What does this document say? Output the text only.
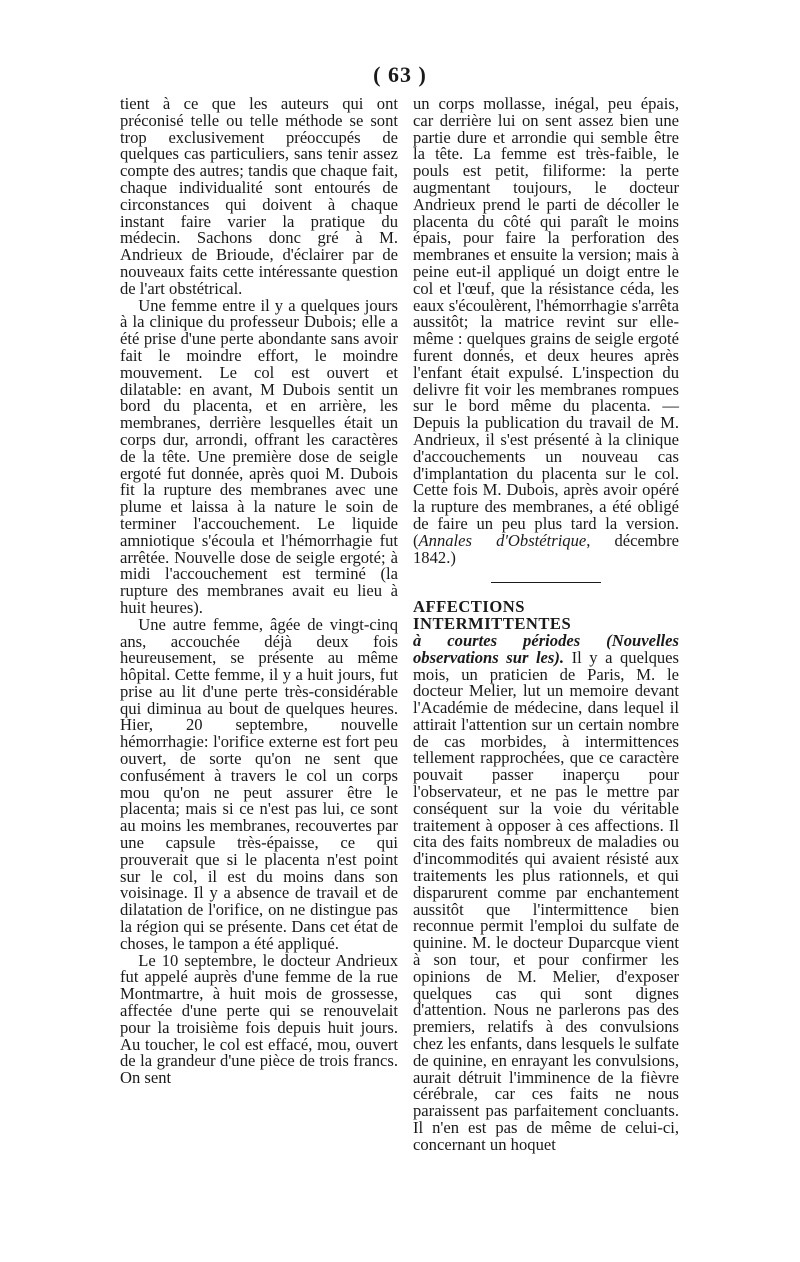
( 63 )

tient à ce que les auteurs qui ont préconisé telle ou telle méthode se sont trop exclusivement préoccupés de quelques cas particuliers, sans tenir assez compte des autres; tandis que chaque fait, chaque individualité sont entourés de circonstances qui doivent à chaque instant faire varier la pratique du médecin. Sachons donc gré à M. Andrieux de Brioude, d'éclairer par de nouveaux faits cette intéressante question de l'art obstétrical.

Une femme entre il y a quelques jours à la clinique du professeur Dubois; elle a été prise d'une perte abondante sans avoir fait le moindre effort, le moindre mouvement. Le col est ouvert et dilatable: en avant, M Dubois sentit un bord du placenta, et en arrière, les membranes, derrière lesquelles était un corps dur, arrondi, offrant les caractères de la tête. Une première dose de seigle ergoté fut donnée, après quoi M. Dubois fit la rupture des membranes avec une plume et laissa à la nature le soin de terminer l'accouchement. Le liquide amniotique s'écoula et l'hémorrhagie fut arrêtée. Nouvelle dose de seigle ergoté; à midi l'accouchement est terminé (la rupture des membranes avait eu lieu à huit heures).

Une autre femme, âgée de vingt-cinq ans, accouchée déjà deux fois heureusement, se présente au même hôpital. Cette femme, il y a huit jours, fut prise au lit d'une perte très-considérable qui diminua au bout de quelques heures. Hier, 20 septembre, nouvelle hémorrhagie: l'orifice externe est fort peu ouvert, de sorte qu'on ne sent que confusément à travers le col un corps mou qu'on ne peut assurer être le placenta; mais si ce n'est pas lui, ce sont au moins les membranes, recouvertes par une capsule très-épaisse, ce qui prouverait que si le placenta n'est point sur le col, il est du moins dans son voisinage. Il y a absence de travail et de dilatation de l'orifice, on ne distingue pas la région qui se présente. Dans cet état de choses, le tampon a été appliqué.

Le 10 septembre, le docteur Andrieux fut appelé auprès d'une femme de la rue Montmartre, à huit mois de grossesse, affectée d'une perte qui se renouvelait pour la troisième fois depuis huit jours. Au toucher, le col est effacé, mou, ouvert de la grandeur d'une pièce de trois francs. On sent

un corps mollasse, inégal, peu épais, car derrière lui on sent assez bien une partie dure et arrondie qui semble être la tête. La femme est très-faible, le pouls est petit, filiforme: la perte augmentant toujours, le docteur Andrieux prend le parti de décoller le placenta du côté qui paraît le moins épais, pour faire la perforation des membranes et ensuite la version; mais à peine eut-il appliqué un doigt entre le col et l'œuf, que la résistance céda, les eaux s'écoulèrent, l'hémorrhagie s'arrêta aussitôt; la matrice revint sur elle-même : quelques grains de seigle ergoté furent donnés, et deux heures après l'enfant était expulsé. L'inspection du delivre fit voir les membranes rompues sur le bord même du placenta. —Depuis la publication du travail de M. Andrieux, il s'est présenté à la clinique d'accouchements un nouveau cas d'implantation du placenta sur le col. Cette fois M. Dubois, après avoir opéré la rupture des membranes, a été obligé de faire un peu plus tard la version. (Annales d'Obstétrique, décembre 1842.)

AFFECTIONS INTERMITTENTES
à courtes périodes (Nouvelles observations sur les). Il y a quelques mois, un praticien de Paris, M. le docteur Melier, lut un memoire devant l'Académie de médecine, dans lequel il attirait l'attention sur un certain nombre de cas morbides, à intermittences tellement rapprochées, que ce caractère pouvait passer inaperçu pour l'observateur, et ne pas le mettre par conséquent sur la voie du véritable traitement à opposer à ces affections. Il cita des faits nombreux de maladies ou d'incommodités qui avaient résisté aux traitements les plus rationnels, et qui disparurent comme par enchantement aussitôt que l'intermittence bien reconnue permit l'emploi du sulfate de quinine. M. le docteur Duparcque vient à son tour, et pour confirmer les opinions de M. Melier, d'exposer quelques cas qui sont dignes d'attention. Nous ne parlerons pas des premiers, relatifs à des convulsions chez les enfants, dans lesquels le sulfate de quinine, en enrayant les convulsions, aurait détruit l'imminence de la fièvre cérébrale, car ces faits ne nous paraissent pas parfaitement concluants. Il n'en est pas de même de celui-ci, concernant un hoquet
